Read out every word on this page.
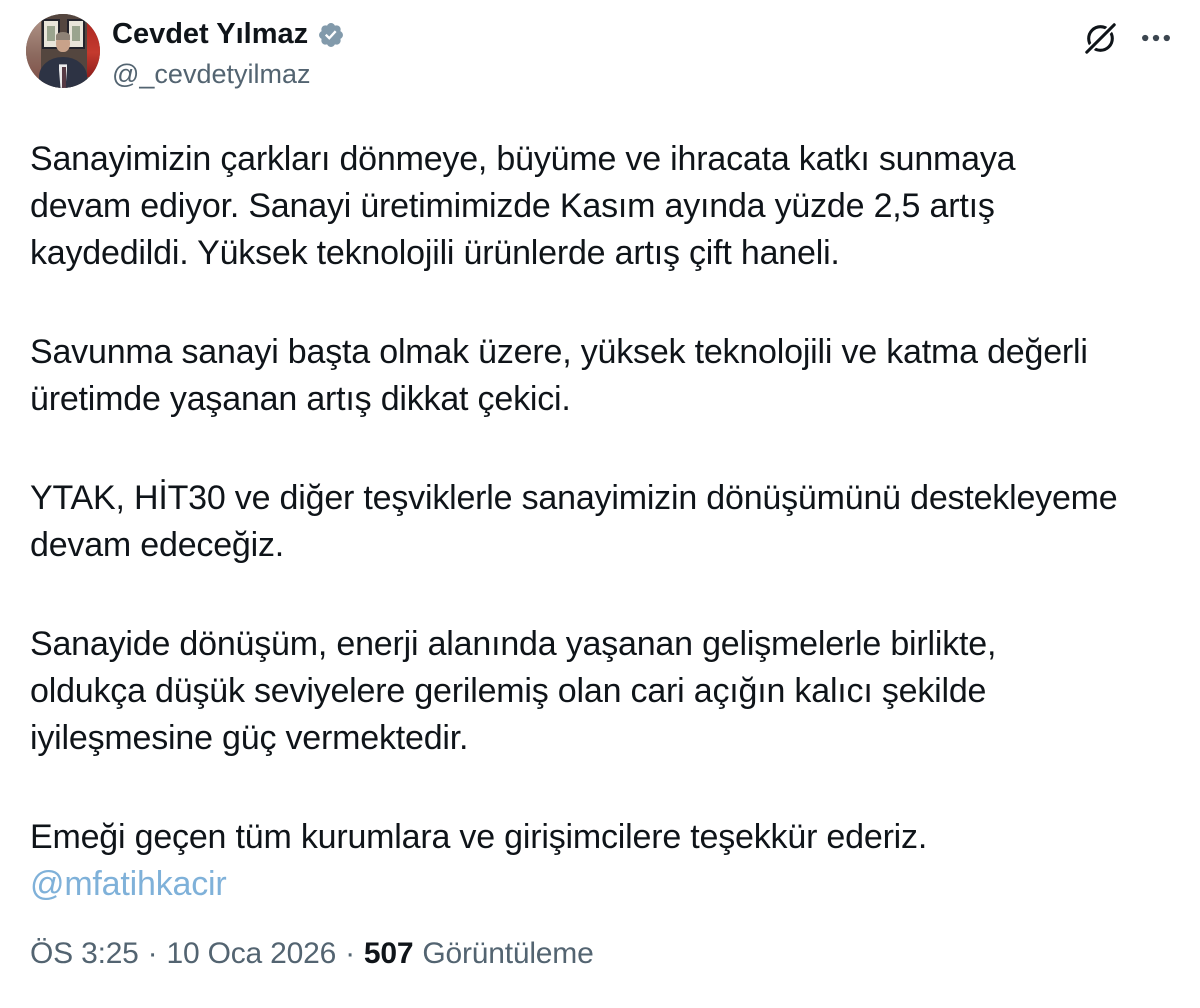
Cevdet Yılmaz
@_cevdetyilmaz
Sanayimizin çarkları dönmeye, büyüme ve ihracata katkı sunmaya
devam ediyor. Sanayi üretimimizde Kasım ayında yüzde 2,5 artış
kaydedildi. Yüksek teknolojili ürünlerde artış çift haneli.
Savunma sanayi başta olmak üzere, yüksek teknolojili ve katma değerli
üretimde yaşanan artış dikkat çekici.
YTAK, HİT30 ve diğer teşviklerle sanayimizin dönüşümünü destekleyeme
devam edeceğiz.
Sanayide dönüşüm, enerji alanında yaşanan gelişmelerle birlikte,
oldukça düşük seviyelere gerilemiş olan cari açığın kalıcı şekilde
iyileşmesine güç vermektedir.
Emeği geçen tüm kurumlara ve girişimcilere teşekkür ederiz.
@mfatihkacir
ÖS 3:25 · 10 Oca 2026 · 507 Görüntüleme
